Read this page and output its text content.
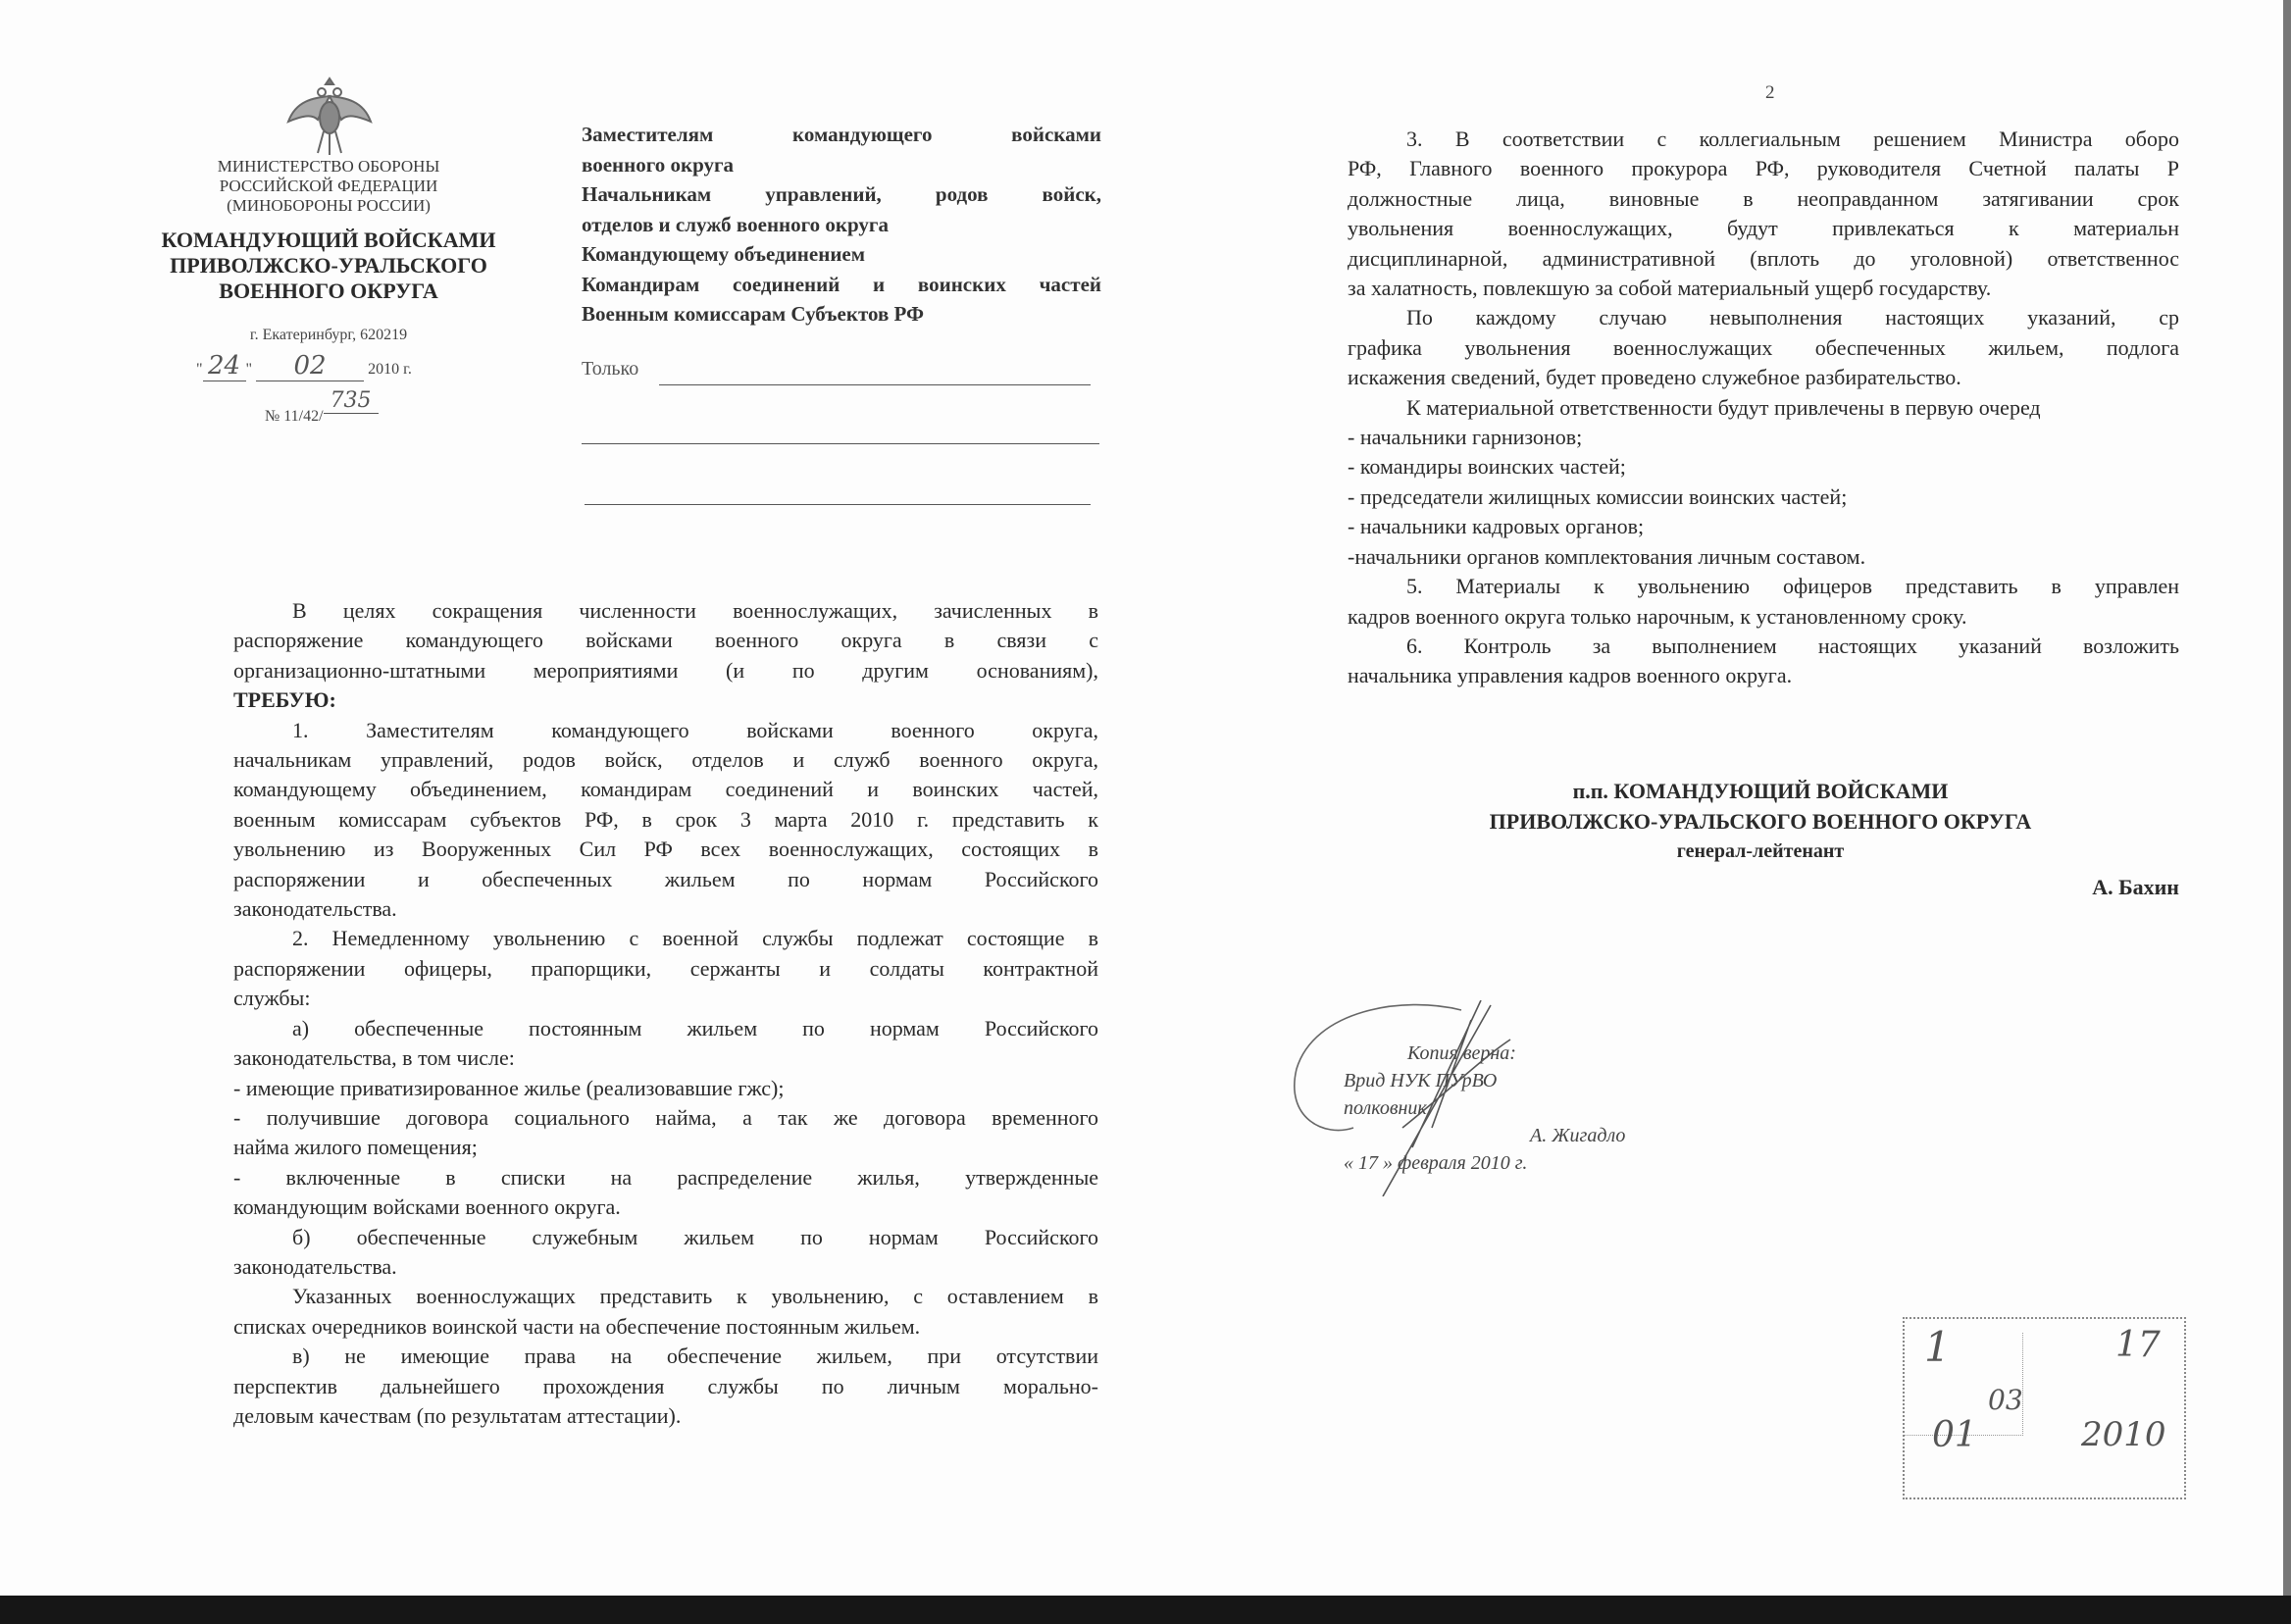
МИНИСТЕРСТВО ОБОРОНЫ
РОССИЙСКОЙ ФЕДЕРАЦИИ
(МИНОБОРОНЫ РОССИИ)
КОМАНДУЮЩИЙ ВОЙСКАМИ
ПРИВОЛЖСКО-УРАЛЬСКОГО
ВОЕННОГО ОКРУГА
г. Екатеринбург, 620219
" 24 " 02	2010 г.
№ 11/42/735
Заместителям командующего войсками
военного округа
Начальникам управлений, родов войск,
отделов и служб военного округа
Командующему объединением
Командирам соединений и воинских частей
Военным комиссарам Субъектов РФ
Только
В целях сокращения численности военнослужащих, зачисленных в
распоряжение командующего войсками военного округа в связи с
организационно-штатными мероприятиями (и по другим основаниям),
ТРЕБУЮ:
1. Заместителям командующего войсками военного округа,
начальникам управлений, родов войск, отделов и служб военного округа,
командующему объединением, командирам соединений и воинских частей,
военным комиссарам субъектов РФ, в срок 3 марта 2010 г. представить к
увольнению из Вооруженных Сил РФ всех военнослужащих, состоящих в
распоряжении и обеспеченных жильем по нормам Российского
законодательства.
2. Немедленному увольнению с военной службы подлежат состоящие в
распоряжении офицеры, прапорщики, сержанты и солдаты контрактной
службы:
а) обеспеченные постоянным жильем по нормам Российского
законодательства, в том числе:
- имеющие приватизированное жилье (реализовавшие гжс);
- получившие договора социального найма, а так же договора временного
найма жилого помещения;
- включенные в списки на распределение жилья, утвержденные
командующим войсками военного округа.
б) обеспеченные служебным жильем по нормам Российского
законодательства.
Указанных военнослужащих представить к увольнению, с оставлением в
списках очередников воинской части на обеспечение постоянным жильем.
в) не имеющие права на обеспечение жильем, при отсутствии
перспектив дальнейшего прохождения службы по личным морально-
деловым качествам (по результатам аттестации).
2
3. В соответствии с коллегиальным решением Министра оборо
РФ, Главного военного прокурора РФ, руководителя Счетной палаты Р
должностные лица, виновные в неоправданном затягивании срок
увольнения военнослужащих, будут привлекаться к материальн
дисциплинарной, административной (вплоть до уголовной) ответственнос
за халатность, повлекшую за собой материальный ущерб государству.
По каждому случаю невыполнения настоящих указаний, ср
графика увольнения военнослужащих обеспеченных жильем, подлога
искажения сведений, будет проведено служебное разбирательство.
К материальной ответственности будут привлечены в первую очеред
- начальники гарнизонов;
- командиры воинских частей;
- председатели жилищных комиссии воинских частей;
- начальники кадровых органов;
-начальники органов комплектования личным составом.
5. Материалы к увольнению офицеров представить в управлен
кадров военного округа только нарочным, к установленному сроку.
6. Контроль за выполнением настоящих указаний возложить
начальника управления кадров военного округа.
п.п. КОМАНДУЮЩИЙ ВОЙСКАМИ
ПРИВОЛЖСКО-УРАЛЬСКОГО ВОЕННОГО ОКРУГА
генерал-лейтенант
А. Бахин
Копия верна:
Врид НУК ПУрВО
полковник
А. Жигадло
« 17 » февраля 2010 г.
1	17
03
01	2010
